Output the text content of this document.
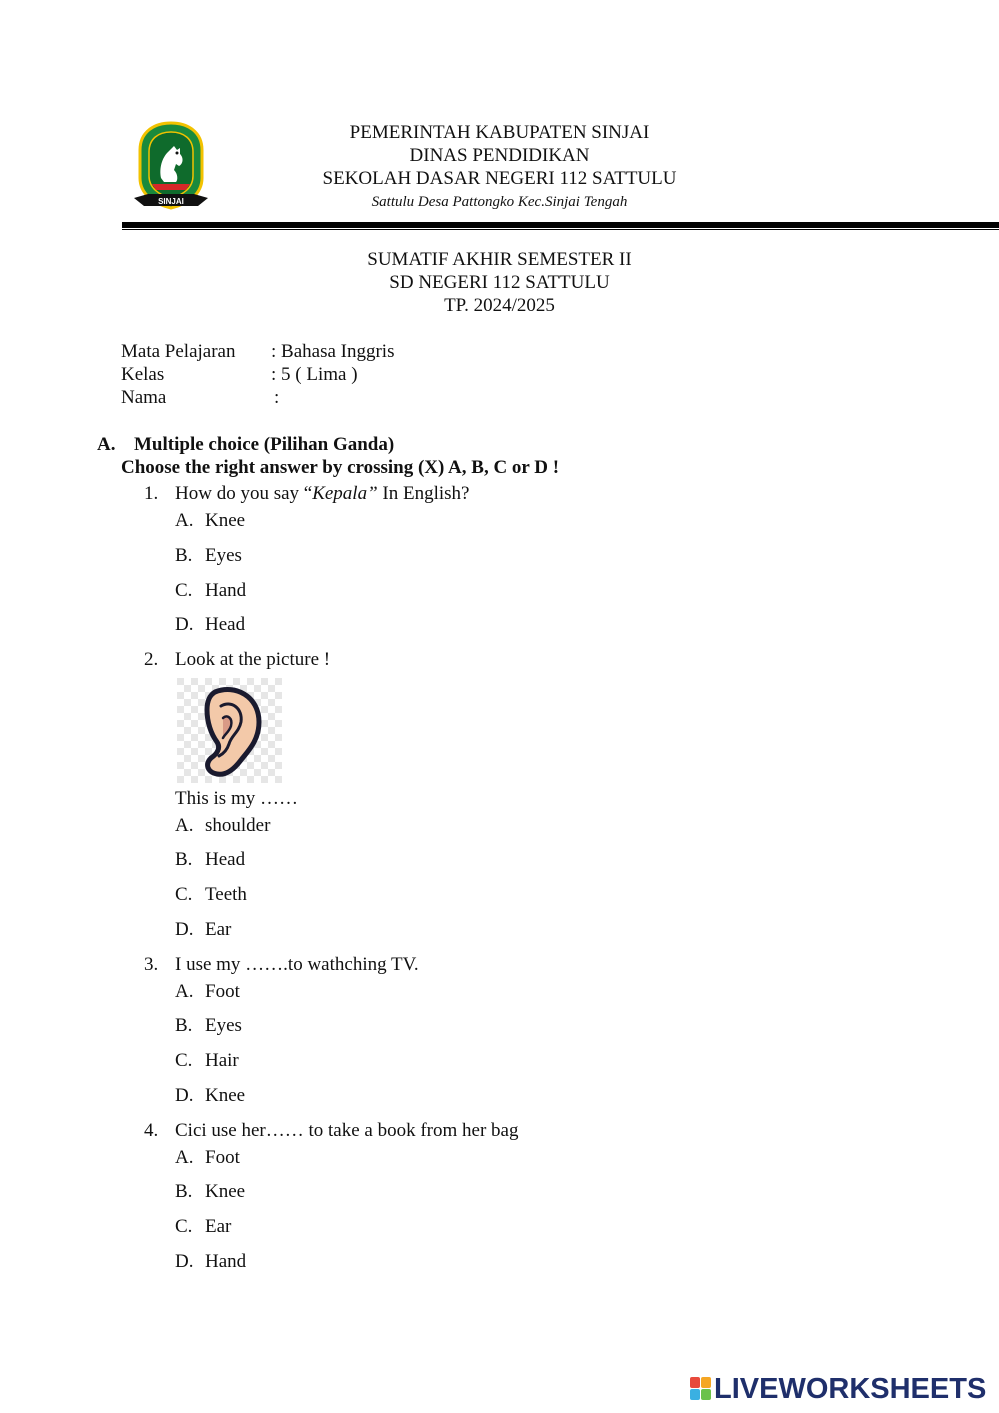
SINJAI
PEMERINTAH KABUPATEN SINJAI
DINAS PENDIDIKAN
SEKOLAH DASAR NEGERI 112 SATTULU
Sattulu Desa Pattongko Kec.Sinjai Tengah
SUMATIF AKHIR SEMESTER II
SD NEGERI 112 SATTULU
TP. 2024/2025
Mata Pelajaran : Bahasa Inggris
Kelas	: 5 ( Lima )
Nama	:
A. Multiple choice (Pilihan Ganda)
Choose the right answer by crossing (X) A, B, C or D !
1. How do you say “Kepala” In English?
A. Knee
B. Eyes
C. Hand
D. Head
2. Look at the picture !
This is my ……
A. shoulder
B. Head
C. Teeth
D. Ear
3. I use my …….to wathching TV.
A. Foot
B. Eyes
C. Hair
D. Knee
4. Cici use her…… to take a book from her bag
A. Foot
B. Knee
C. Ear
D. Hand
LIVEWORKSHEETS
